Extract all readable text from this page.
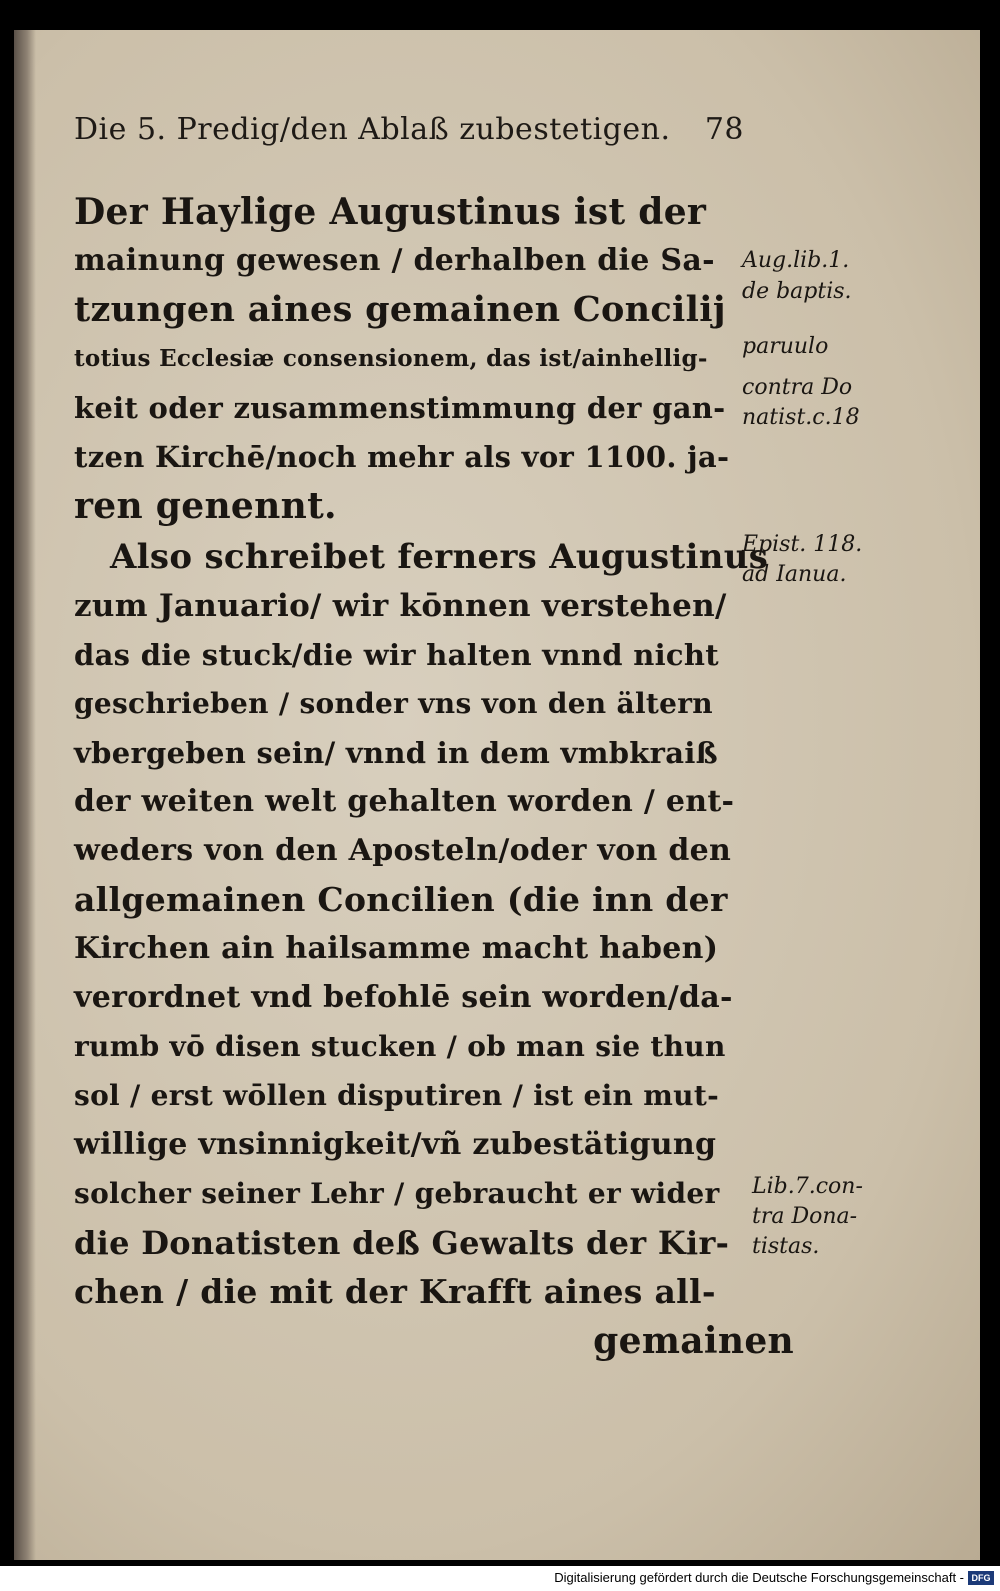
Die 5. Predig/den Ablaß zubestetigen. 78
Der Haylige Augustinus ist der
mainung gewesen / derhalben die Sa-
tzungen aines gemainen Concilij
totius Ecclesiæ consensionem, das ist/ainhellig-
keit oder zusammenstimmung der gan-
tzen Kirchē/noch mehr als vor 1100. ja-
ren genennt.
Also schreibet ferners Augustinus
zum Januario/ wir kōnnen verstehen/
das die stuck/die wir halten vnnd nicht
geschrieben / sonder vns von den ältern
vbergeben sein/ vnnd in dem vmbkraiß
der weiten welt gehalten worden / ent-
weders von den Aposteln/oder von den
allgemainen Concilien (die inn der
Kirchen ain hailsamme macht haben)
verordnet vnd befohlē sein worden/da-
rumb vō disen stucken / ob man sie thun
sol / erst wōllen disputiren / ist ein mut-
willige vnsinnigkeit/vñ zubestätigung
solcher seiner Lehr / gebraucht er wider
die Donatisten deß Gewalts der Kir-
chen / die mit der Krafft aines all-
gemainen
Aug.lib.1.
de baptis.
paruulo
contra Do
natist.c.18
Epist. 118.
ad Ianua.
Lib.7.con-
tra Dona-
tistas.
Digitalisierung gefördert durch die Deutsche Forschungsgemeinschaft - DFG
